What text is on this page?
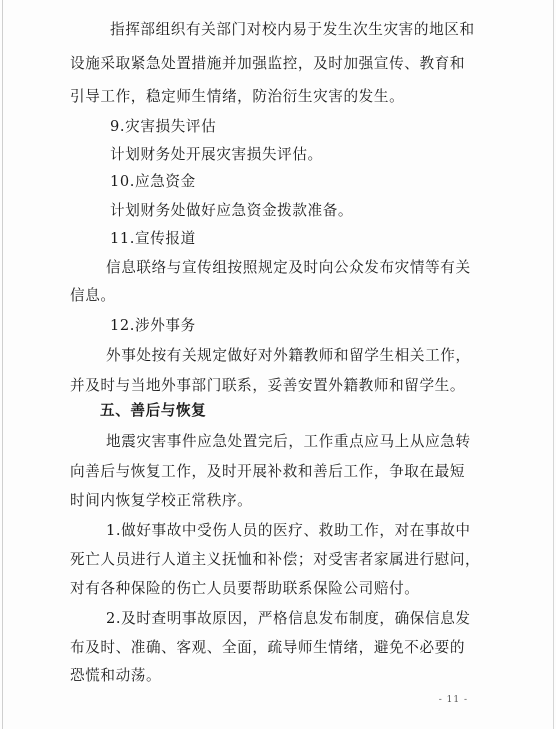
指挥部组织有关部门对校内易于发生次生灾害的地区和
设施采取紧急处置措施并加强监控，及时加强宣传、教育和
引导工作，稳定师生情绪，防治衍生灾害的发生。
9.灾害损失评估
计划财务处开展灾害损失评估。
10.应急资金
计划财务处做好应急资金拨款准备。
11.宣传报道
信息联络与宣传组按照规定及时向公众发布灾情等有关
信息。
12.涉外事务
外事处按有关规定做好对外籍教师和留学生相关工作，
并及时与当地外事部门联系，妥善安置外籍教师和留学生。
五、善后与恢复
地震灾害事件应急处置完后，工作重点应马上从应急转
向善后与恢复工作，及时开展补救和善后工作，争取在最短
时间内恢复学校正常秩序。
1.做好事故中受伤人员的医疗、救助工作，对在事故中
死亡人员进行人道主义抚恤和补偿；对受害者家属进行慰问，
对有各种保险的伤亡人员要帮助联系保险公司赔付。
2.及时查明事故原因，严格信息发布制度，确保信息发
布及时、准确、客观、全面，疏导师生情绪，避免不必要的
恐慌和动荡。
- 11 -
